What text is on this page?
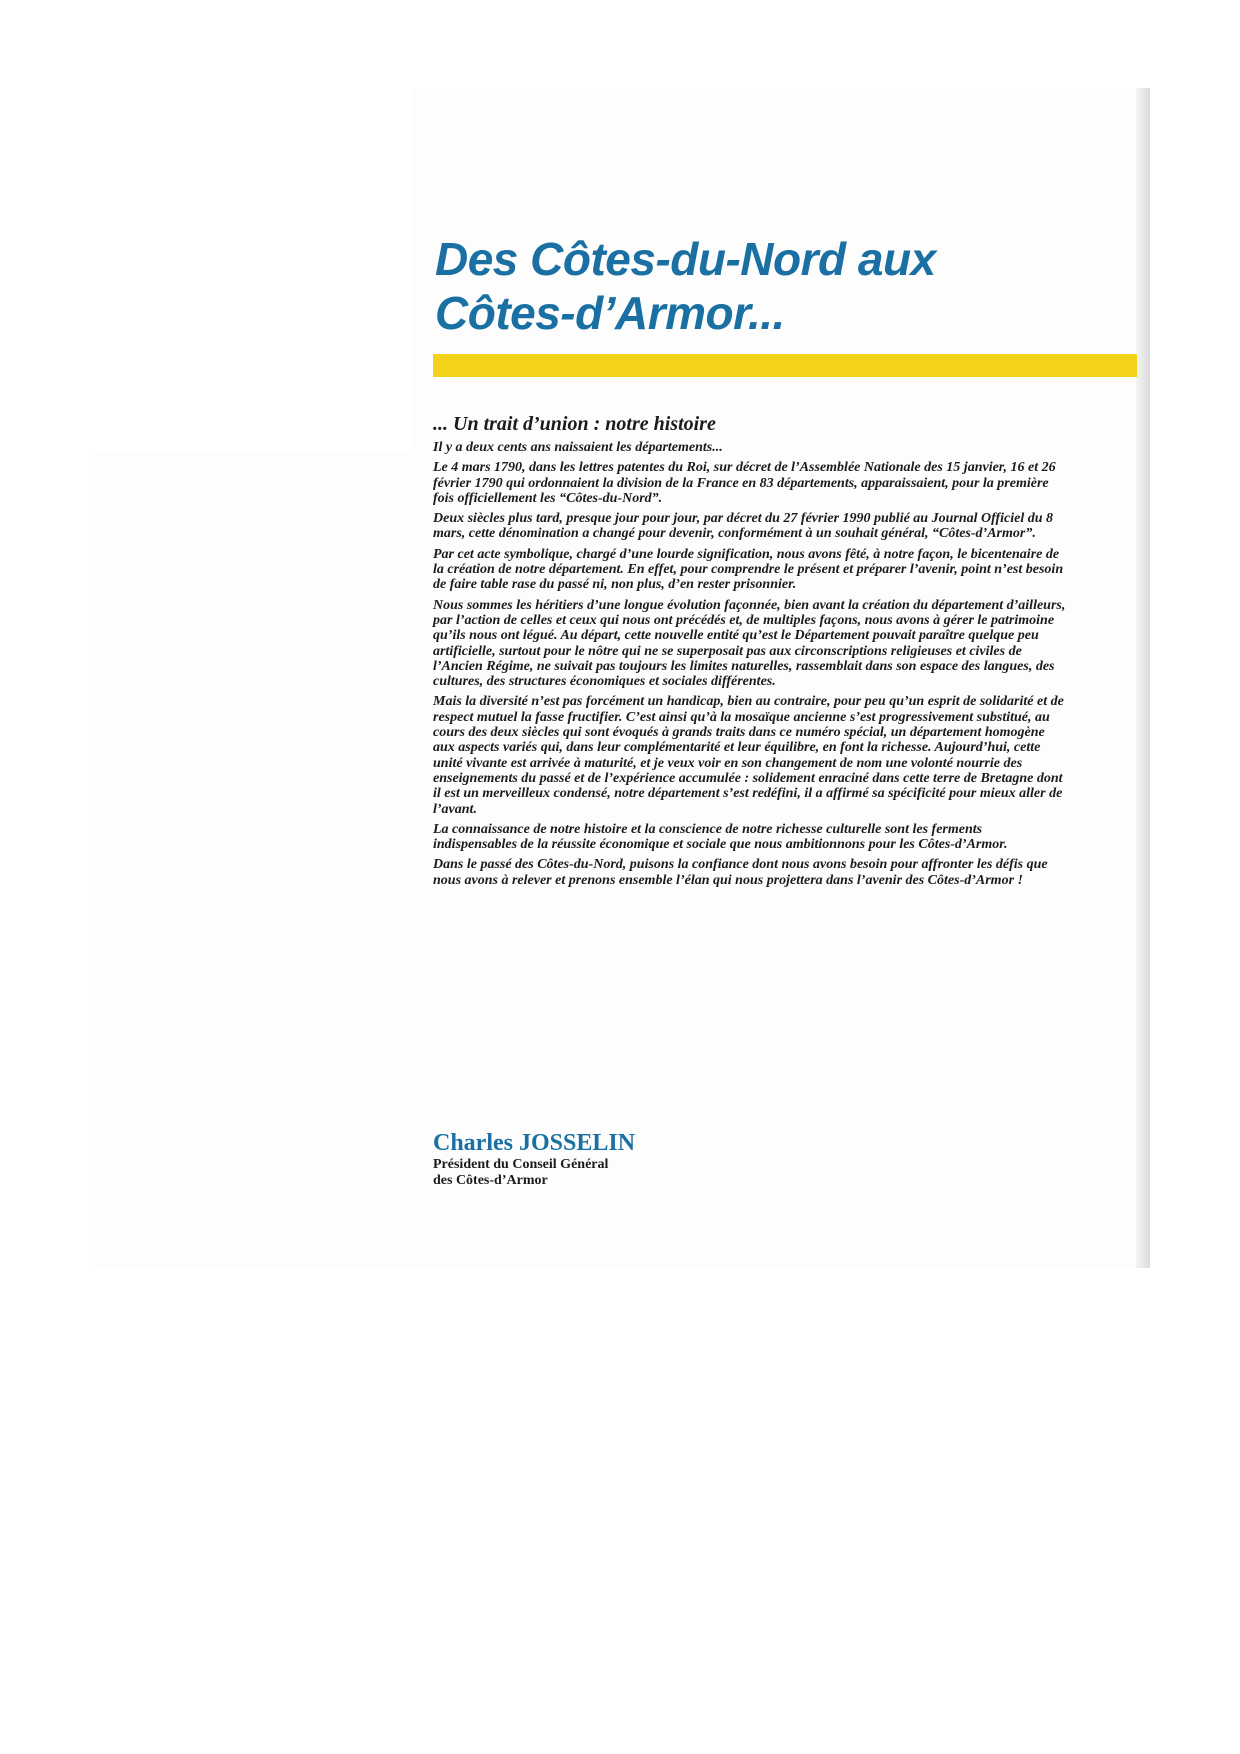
Des Côtes-du-Nord aux
Côtes-d’Armor...
... Un trait d’union : notre histoire

Il y a deux cents ans naissaient les départements...

Le 4 mars 1790, dans les lettres patentes du Roi, sur décret de l’Assemblée Nationale des 15 janvier, 16 et 26 février 1790 qui ordonnaient la division de la France en 83 départements, apparaissaient, pour la première fois officiellement les “Côtes-du-Nord”.

Deux siècles plus tard, presque jour pour jour, par décret du 27 février 1990 publié au Journal Officiel du 8 mars, cette dénomination a changé pour devenir, conformément à un souhait général, “Côtes-d’Armor”.

Par cet acte symbolique, chargé d’une lourde signification, nous avons fêté, à notre façon, le bicentenaire de la création de notre département. En effet, pour comprendre le présent et préparer l’avenir, point n’est besoin de faire table rase du passé ni, non plus, d’en rester prisonnier.

Nous sommes les héritiers d’une longue évolution façonnée, bien avant la création du département d’ailleurs, par l’action de celles et ceux qui nous ont précédés et, de multiples façons, nous avons à gérer le patrimoine qu’ils nous ont légué. Au départ, cette nouvelle entité qu’est le Département pouvait paraître quelque peu artificielle, surtout pour le nôtre qui ne se superposait pas aux circonscriptions religieuses et civiles de l’Ancien Régime, ne suivait pas toujours les limites naturelles, rassemblait dans son espace des langues, des cultures, des structures économiques et sociales différentes.

Mais la diversité n’est pas forcément un handicap, bien au contraire, pour peu qu’un esprit de solidarité et de respect mutuel la fasse fructifier. C’est ainsi qu’à la mosaïque ancienne s’est progressivement substitué, au cours des deux siècles qui sont évoqués à grands traits dans ce numéro spécial, un département homogène aux aspects variés qui, dans leur complémentarité et leur équilibre, en font la richesse. Aujourd’hui, cette unité vivante est arrivée à maturité, et je veux voir en son changement de nom une volonté nourrie des enseignements du passé et de l’expérience accumulée : solidement enraciné dans cette terre de Bretagne dont il est un merveilleux condensé, notre département s’est redéfini, il a affirmé sa spécificité pour mieux aller de l’avant.

La connaissance de notre histoire et la conscience de notre richesse culturelle sont les ferments indispensables de la réussite économique et sociale que nous ambitionnons pour les Côtes-d’Armor.

Dans le passé des Côtes-du-Nord, puisons la confiance dont nous avons besoin pour affronter les défis que nous avons à relever et prenons ensemble l’élan qui nous projettera dans l’avenir des Côtes-d’Armor !

Charles JOSSELIN

Président du Conseil Général

des Côtes-d’Armor
